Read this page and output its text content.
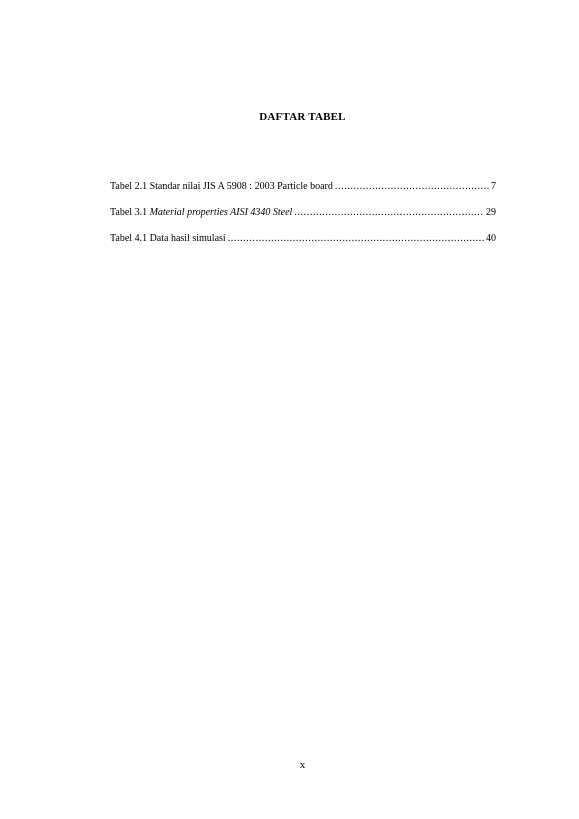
DAFTAR TABEL
Tabel 2.1 Standar nilai JIS A 5908 : 2003 Particle board .....	7
Tabel 3.1 Material properties AISI 4340 Steel .....	29
Tabel 4.1 Data hasil simulasi .....	40
x
